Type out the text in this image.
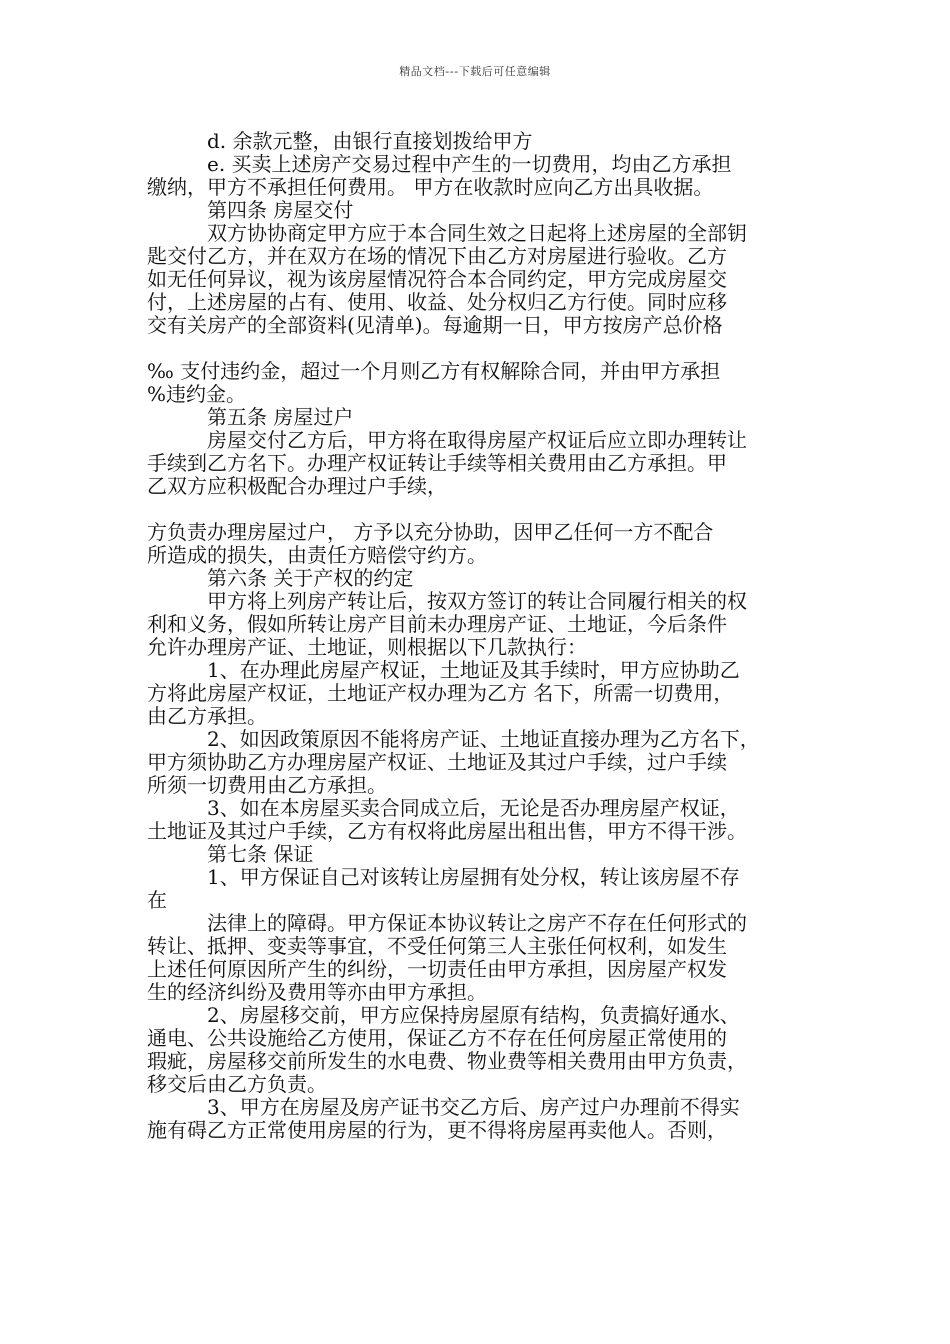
精品文档---下载后可任意编辑
　　　d. 余款元整，由银行直接划拨给甲方
　　　e. 买卖上述房产交易过程中产生的一切费用，均由乙方承担
缴纳，甲方不承担任何费用。 甲方在收款时应向乙方出具收据。
　　　第四条 房屋交付
　　　双方协协商定甲方应于本合同生效之日起将上述房屋的全部钥
匙交付乙方，并在双方在场的情况下由乙方对房屋进行验收。乙方
如无任何异议，视为该房屋情况符合本合同约定，甲方完成房屋交
付，上述房屋的占有、使用、收益、处分权归乙方行使。同时应移
交有关房产的全部资料(见清单)。每逾期一日，甲方按房产总价格
‰ 支付违约金，超过一个月则乙方有权解除合同，并由甲方承担
%违约金。
　　　第五条 房屋过户
　　　房屋交付乙方后，甲方将在取得房屋产权证后应立即办理转让
手续到乙方名下。办理产权证转让手续等相关费用由乙方承担。甲
乙双方应积极配合办理过户手续，
方负责办理房屋过户， 方予以充分协助，因甲乙任何一方不配合
所造成的损失，由责任方赔偿守约方。
　　　第六条 关于产权的约定
　　　甲方将上列房产转让后，按双方签订的转让合同履行相关的权
利和义务，假如所转让房产目前未办理房产证、土地证，今后条件
允许办理房产证、土地证，则根据以下几款执行：
　　　1、在办理此房屋产权证，土地证及其手续时，甲方应协助乙
方将此房屋产权证，土地证产权办理为乙方 名下，所需一切费用，
由乙方承担。
　　　2、如因政策原因不能将房产证、土地证直接办理为乙方名下，
甲方须协助乙方办理房屋产权证、土地证及其过户手续，过户手续
所须一切费用由乙方承担。
　　　3、如在本房屋买卖合同成立后，无论是否办理房屋产权证，
土地证及其过户手续，乙方有权将此房屋出租出售，甲方不得干涉。
　　　第七条 保证
　　　1、甲方保证自己对该转让房屋拥有处分权，转让该房屋不存
在
　　　法律上的障碍。甲方保证本协议转让之房产不存在任何形式的
转让、抵押、变卖等事宜，不受任何第三人主张任何权利，如发生
上述任何原因所产生的纠纷，一切责任由甲方承担，因房屋产权发
生的经济纠纷及费用等亦由甲方承担。
　　　2、房屋移交前，甲方应保持房屋原有结构，负责搞好通水、
通电、公共设施给乙方使用，保证乙方不存在任何房屋正常使用的
瑕疵，房屋移交前所发生的水电费、物业费等相关费用由甲方负责，
移交后由乙方负责。
　　　3、甲方在房屋及房产证书交乙方后、房产过户办理前不得实
施有碍乙方正常使用房屋的行为，更不得将房屋再卖他人。否则，
